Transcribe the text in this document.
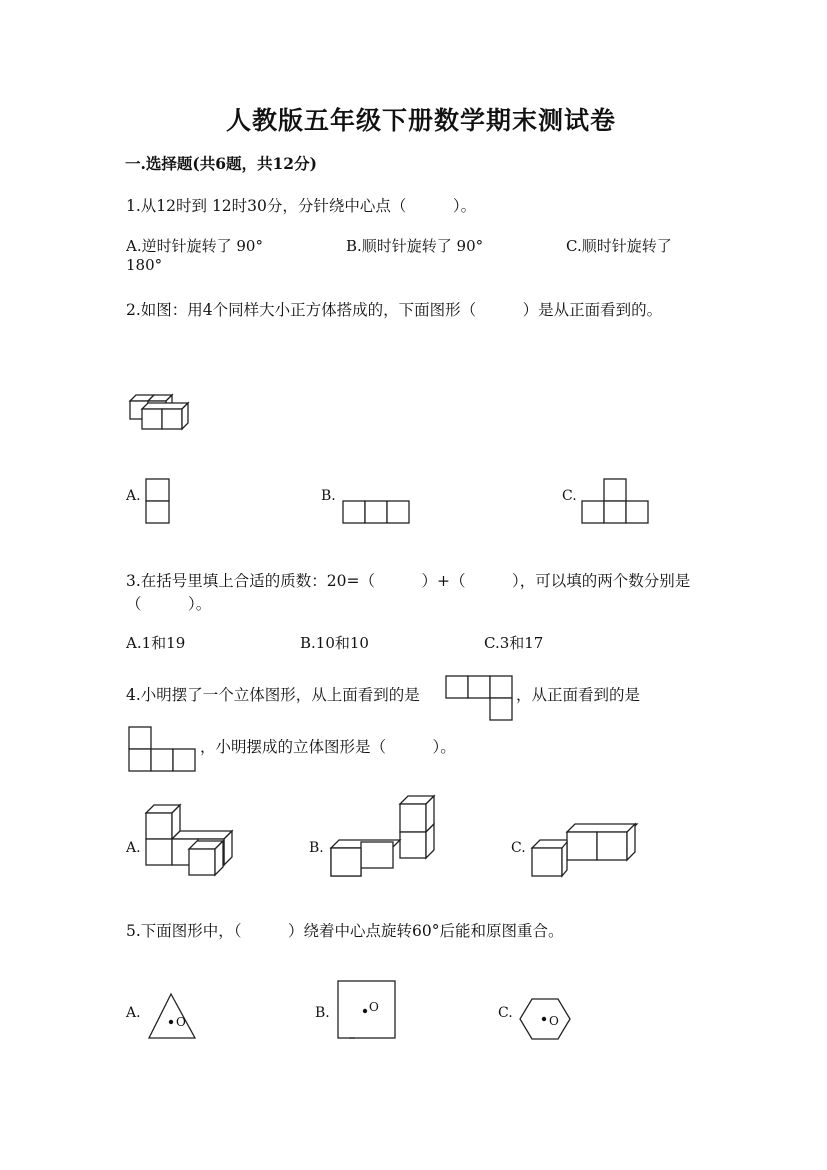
人教版五年级下册数学期末测试卷
一.选择题(共6题，共12分)
1.从12时到 12时30分，分针绕中心点（　　　）。
A.逆时针旋转了 90°	B.顺时针旋转了 90°	C.顺时针旋转了
180°
2.如图：用4个同样大小正方体搭成的，下面图形（　　　）是从正面看到的。
A.	B.	C.
3.在括号里填上合适的质数：20=（　　　）+（　　　），可以填的两个数分别是
（　　　）。
A.1和19	B.10和10	C.3和17
4.小明摆了一个立体图形，从上面看到的是	，从正面看到的是
，小明摆成的立体图形是（　　　）。
A.	B.	C.
5.下面图形中，（　　　）绕着中心点旋转60°后能和原图重合。
A.
O
B.	O	C.	O
